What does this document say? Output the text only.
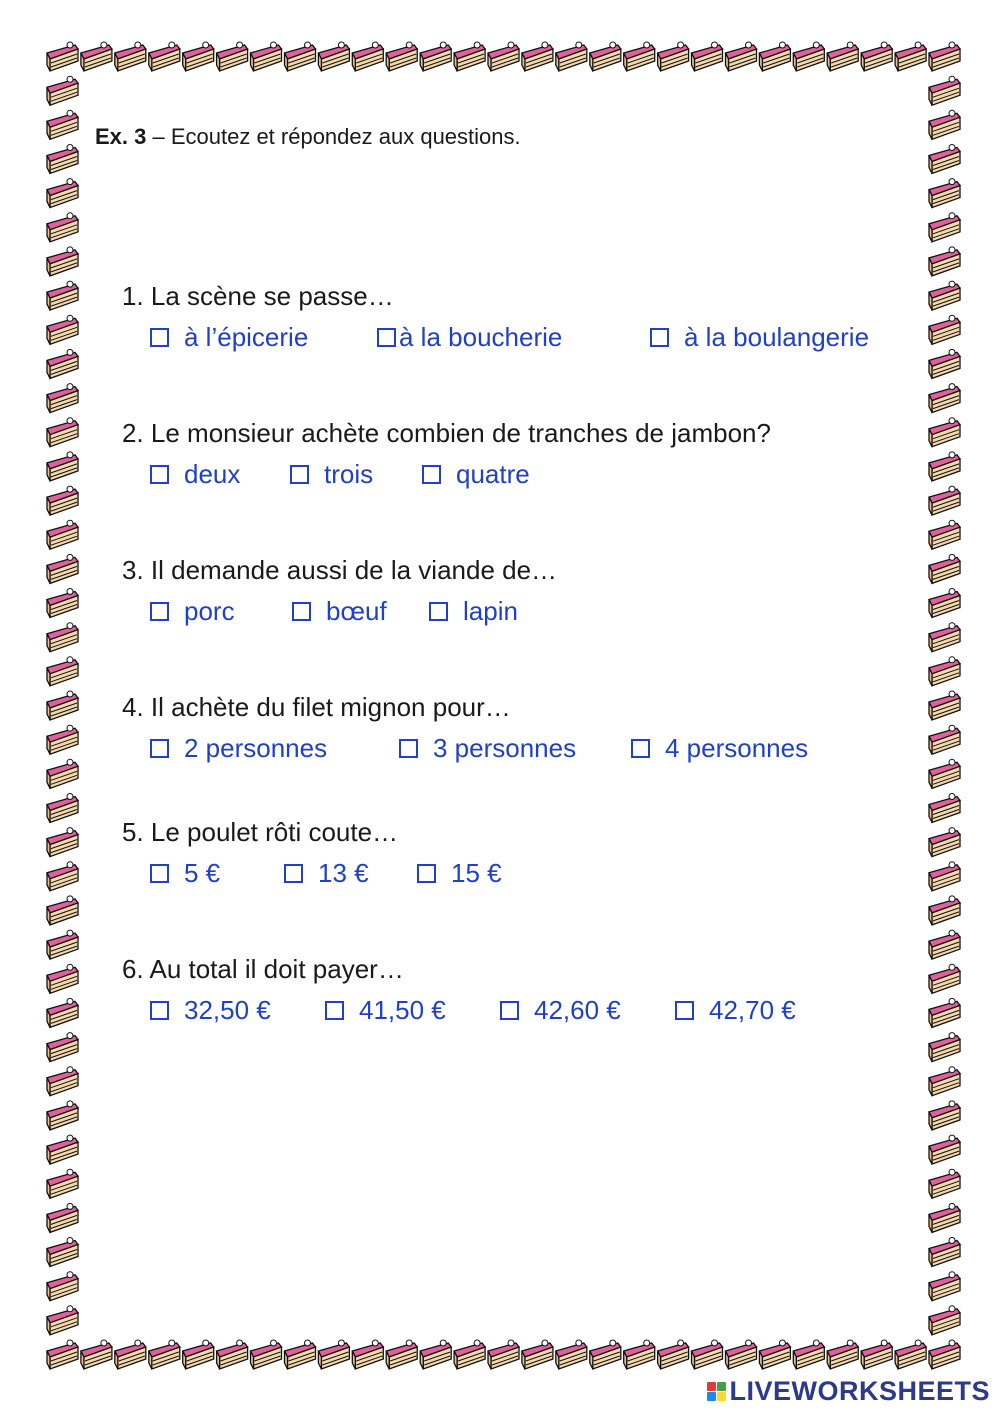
Ex. 3 – Ecoutez et répondez aux questions.
1. La scène se passe…
à l’épicerie	à la boucherie	à la boulangerie
2. Le monsieur achète combien de tranches de jambon?
deux	trois	quatre
3. Il demande aussi de la viande de…
porc	bœuf	lapin
4. Il achète du filet mignon pour…
2 personnes	3 personnes	4 personnes
5. Le poulet rôti coute…
5 €	13 €	15 €
6. Au total il doit payer…
32,50 €	41,50 €	42,60 €	42,70 €
LIVEWORKSHEETS
